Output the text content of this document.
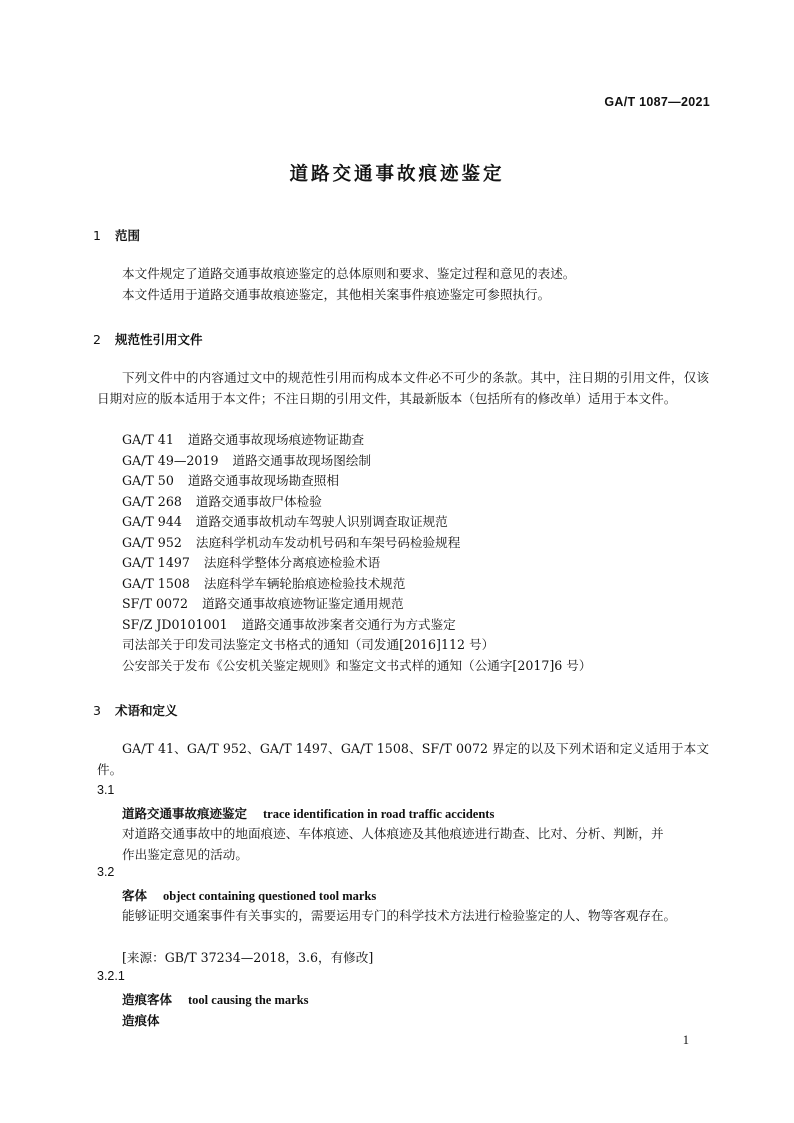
GA/T 1087—2021
道路交通事故痕迹鉴定
1 范围
本文件规定了道路交通事故痕迹鉴定的总体原则和要求、鉴定过程和意见的表述。
本文件适用于道路交通事故痕迹鉴定，其他相关案事件痕迹鉴定可参照执行。
2 规范性引用文件
下列文件中的内容通过文中的规范性引用而构成本文件必不可少的条款。其中，注日期的引用文件，仅该日期对应的版本适用于本文件；不注日期的引用文件，其最新版本（包括所有的修改单）适用于本文件。
GA/T 41 道路交通事故现场痕迹物证勘查
GA/T 49—2019 道路交通事故现场图绘制
GA/T 50 道路交通事故现场勘查照相
GA/T 268 道路交通事故尸体检验
GA/T 944 道路交通事故机动车驾驶人识别调查取证规范
GA/T 952 法庭科学机动车发动机号码和车架号码检验规程
GA/T 1497 法庭科学整体分离痕迹检验术语
GA/T 1508 法庭科学车辆轮胎痕迹检验技术规范
SF/T 0072 道路交通事故痕迹物证鉴定通用规范
SF/Z JD0101001 道路交通事故涉案者交通行为方式鉴定
司法部关于印发司法鉴定文书格式的通知（司发通[2016]112 号）
公安部关于发布《公安机关鉴定规则》和鉴定文书式样的通知（公通字[2017]6 号）
3 术语和定义
GA/T 41、GA/T 952、GA/T 1497、GA/T 1508、SF/T 0072 界定的以及下列术语和定义适用于本文件。
3.1
道路交通事故痕迹鉴定 trace identification in road traffic accidents
对道路交通事故中的地面痕迹、车体痕迹、人体痕迹及其他痕迹进行勘查、比对、分析、判断，并
作出鉴定意见的活动。
3.2
客体 object containing questioned tool marks
能够证明交通案事件有关事实的，需要运用专门的科学技术方法进行检验鉴定的人、物等客观存在。
[来源：GB/T 37234—2018，3.6，有修改]
3.2.1
造痕客体 tool causing the marks
造痕体
1
